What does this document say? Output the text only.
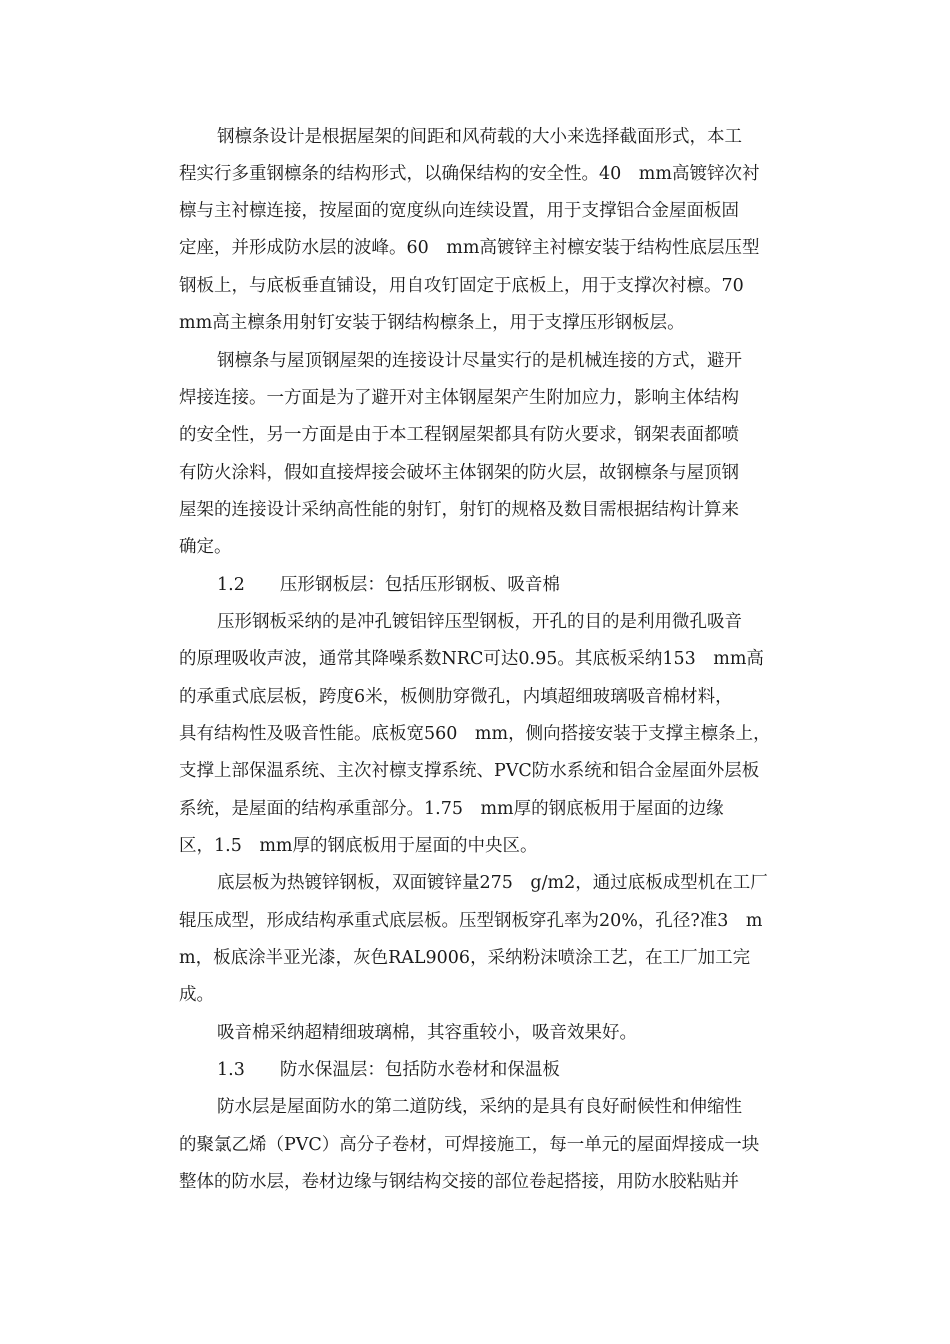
钢檩条设计是根据屋架的间距和风荷载的大小来选择截面形式，本工
程实行多重钢檩条的结构形式，以确保结构的安全性。40　mm高镀锌次衬
檩与主衬檩连接，按屋面的宽度纵向连续设置，用于支撑铝合金屋面板固
定座，并形成防水层的波峰。60　mm高镀锌主衬檩安装于结构性底层压型
钢板上，与底板垂直铺设，用自攻钉固定于底板上，用于支撑次衬檩。70
mm高主檩条用射钉安装于钢结构檩条上，用于支撑压形钢板层。
钢檩条与屋顶钢屋架的连接设计尽量实行的是机械连接的方式，避开
焊接连接。一方面是为了避开对主体钢屋架产生附加应力，影响主体结构
的安全性，另一方面是由于本工程钢屋架都具有防火要求，钢架表面都喷
有防火涂料，假如直接焊接会破坏主体钢架的防火层，故钢檩条与屋顶钢
屋架的连接设计采纳高性能的射钉，射钉的规格及数目需根据结构计算来
确定。
1.2　　压形钢板层：包括压形钢板、吸音棉
压形钢板采纳的是冲孔镀铝锌压型钢板，开孔的目的是利用微孔吸音
的原理吸收声波，通常其降噪系数NRC可达0.95。其底板采纳153　mm高
的承重式底层板，跨度6米，板侧肋穿微孔，内填超细玻璃吸音棉材料，
具有结构性及吸音性能。底板宽560　mm，侧向搭接安装于支撑主檩条上，
支撑上部保温系统、主次衬檩支撑系统、PVC防水系统和铝合金屋面外层板
系统，是屋面的结构承重部分。1.75　mm厚的钢底板用于屋面的边缘
区，1.5　mm厚的钢底板用于屋面的中央区。
底层板为热镀锌钢板，双面镀锌量275　g/m2，通过底板成型机在工厂
辊压成型，形成结构承重式底层板。压型钢板穿孔率为20%，孔径?准3　m
m，板底涂半亚光漆，灰色RAL9006，采纳粉沫喷涂工艺，在工厂加工完
成。
吸音棉采纳超精细玻璃棉，其容重较小，吸音效果好。
1.3　　防水保温层：包括防水卷材和保温板
防水层是屋面防水的第二道防线，采纳的是具有良好耐候性和伸缩性
的聚氯乙烯（PVC）高分子卷材，可焊接施工，每一单元的屋面焊接成一块
整体的防水层，卷材边缘与钢结构交接的部位卷起搭接，用防水胶粘贴并
